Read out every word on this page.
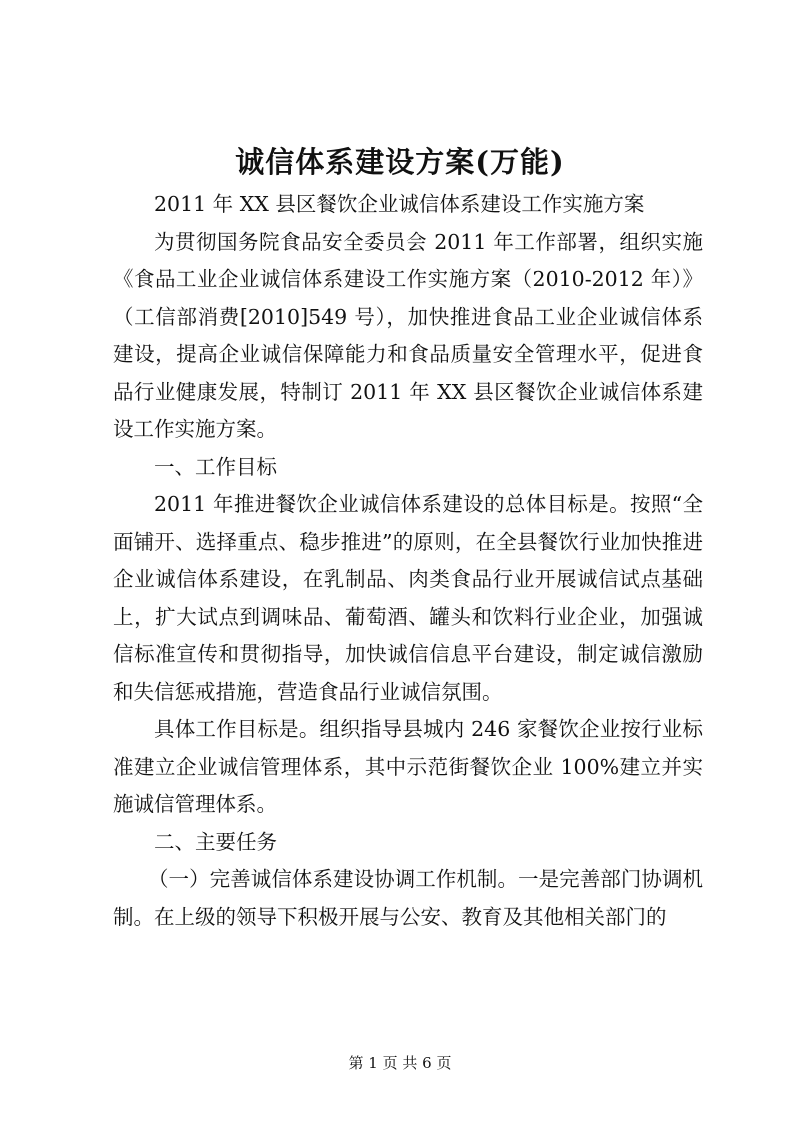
诚信体系建设方案(万能)

2011 年 XX 县区餐饮企业诚信体系建设工作实施方案

为贯彻国务院食品安全委员会 2011 年工作部署，组织实施《食品工业企业诚信体系建设工作实施方案（2010-2012 年）》（工信部消费[2010]549 号），加快推进食品工业企业诚信体系建设，提高企业诚信保障能力和食品质量安全管理水平，促进食品行业健康发展，特制订 2011 年 XX 县区餐饮企业诚信体系建设工作实施方案。

一、工作目标

2011 年推进餐饮企业诚信体系建设的总体目标是。按照“全面铺开、选择重点、稳步推进”的原则，在全县餐饮行业加快推进企业诚信体系建设，在乳制品、肉类食品行业开展诚信试点基础上，扩大试点到调味品、葡萄酒、罐头和饮料行业企业，加强诚信标准宣传和贯彻指导，加快诚信信息平台建设，制定诚信激励和失信惩戒措施，营造食品行业诚信氛围。

具体工作目标是。组织指导县城内 246 家餐饮企业按行业标准建立企业诚信管理体系，其中示范街餐饮企业 100%建立并实施诚信管理体系。

二、主要任务

（一）完善诚信体系建设协调工作机制。一是完善部门协调机制。在上级的领导下积极开展与公安、教育及其他相关部门的

第 1 页 共 6 页
